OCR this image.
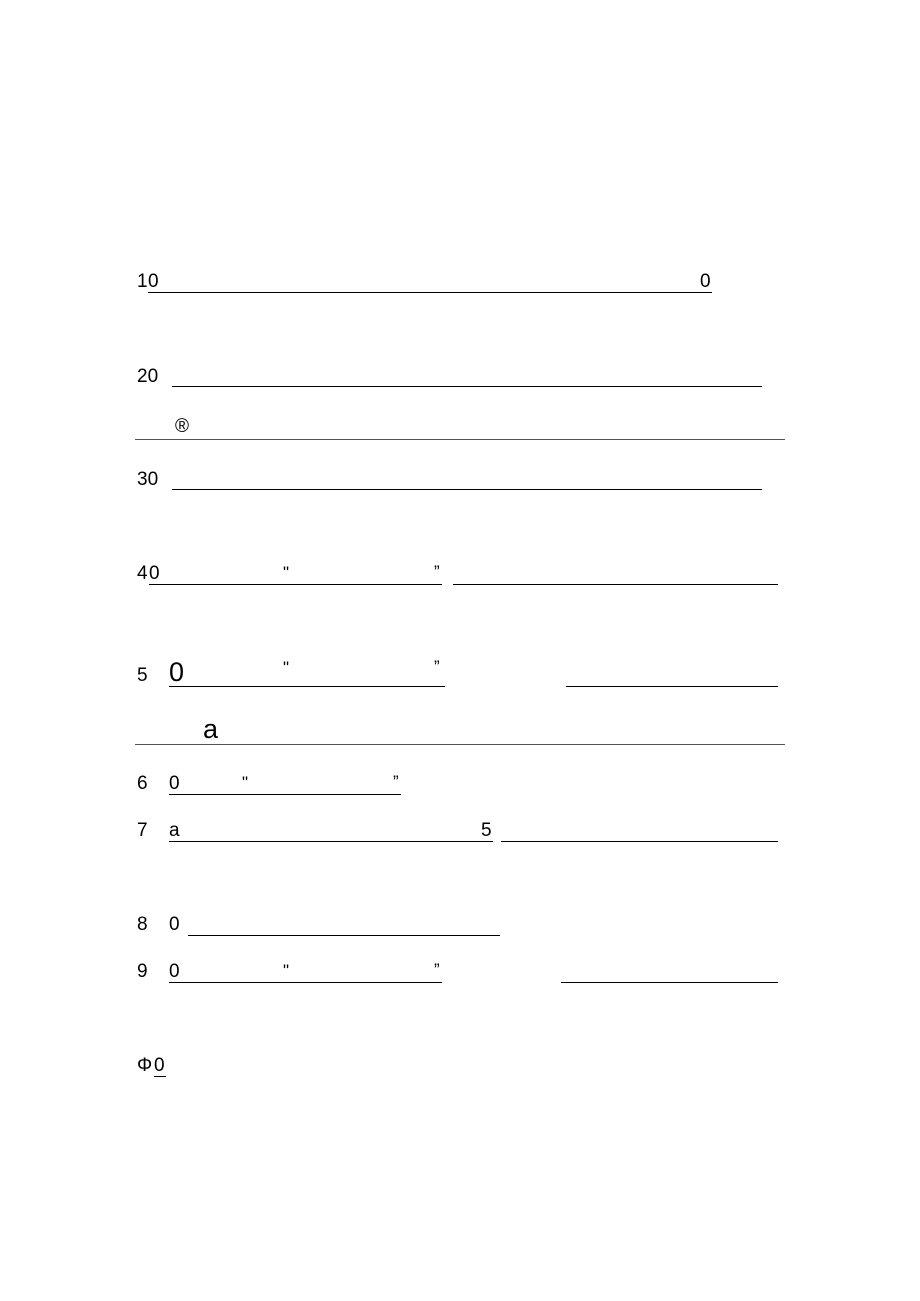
1 0	0
20
®
30
4 0	"	”
5 0	"	”
a
6 0	"	”
7 a	5
8 0
9 0	"	”
Φ 0
